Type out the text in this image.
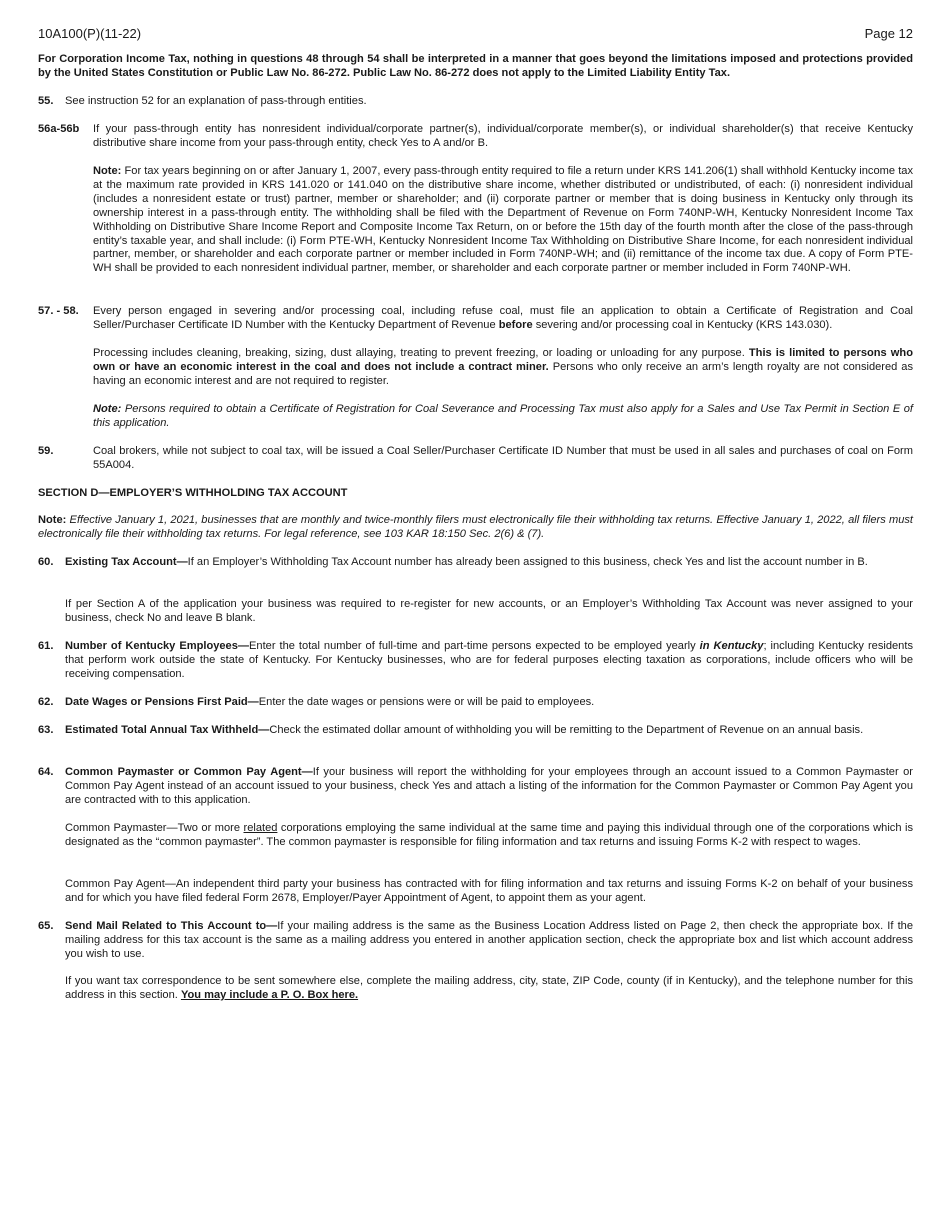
10A100(P)(11-22)	Page 12

For Corporation Income Tax, nothing in questions 48 through 54 shall be interpreted in a manner that goes beyond the limitations imposed and protections provided by the United States Constitution or Public Law No. 86-272. Public Law No. 86-272 does not apply to the Limited Liability Entity Tax.

55. See instruction 52 for an explanation of pass-through entities.
56a-56b If your pass-through entity has nonresident individual/corporate partner(s), individual/corporate member(s), or individual shareholder(s) that receive Kentucky distributive share income from your pass-through entity, check Yes to A and/or B.

Note: For tax years beginning on or after January 1, 2007, every pass-through entity required to file a return under KRS 141.206(1) shall withhold Kentucky income tax at the maximum rate provided in KRS 141.020 or 141.040 on the distributive share income, whether distributed or undistributed, of each: (i) nonresident individual (includes a nonresident estate or trust) partner, member or shareholder; and (ii) corporate partner or member that is doing business in Kentucky only through its ownership interest in a pass-through entity. The withholding shall be filed with the Department of Revenue on Form 740NP-WH, Kentucky Nonresident Income Tax Withholding on Distributive Share Income Report and Composite Income Tax Return, on or before the 15th day of the fourth month after the close of the pass-through entity’s taxable year, and shall include: (i) Form PTE-WH, Kentucky Nonresident Income Tax Withholding on Distributive Share Income, for each nonresident individual partner, member, or shareholder and each corporate partner or member included in Form 740NP-WH; and (ii) remittance of the income tax due. A copy of Form PTE-WH shall be provided to each nonresident individual partner, member, or shareholder and each corporate partner or member included in Form 740NP-WH.

57. - 58. Every person engaged in severing and/or processing coal, including refuse coal, must file an application to obtain a Certificate of Registration and Coal Seller/Purchaser Certificate ID Number with the Kentucky Department of Revenue before severing and/or processing coal in Kentucky (KRS 143.030).

Processing includes cleaning, breaking, sizing, dust allaying, treating to prevent freezing, or loading or unloading for any purpose. This is limited to persons who own or have an economic interest in the coal and does not include a contract miner. Persons who only receive an arm’s length royalty are not considered as having an economic interest and are not required to register.

Note: Persons required to obtain a Certificate of Registration for Coal Severance and Processing Tax must also apply for a Sales and Use Tax Permit in Section E of this application.

59.	Coal brokers, while not subject to coal tax, will be issued a Coal Seller/Purchaser Certificate ID Number that must be used in all sales and purchases of coal on Form 55A004.
SECTION D—EMPLOYER’S WITHHOLDING TAX ACCOUNT

Note: Effective January 1, 2021, businesses that are monthly and twice-monthly filers must electronically file their withholding tax returns. Effective January 1, 2022, all filers must electronically file their withholding tax returns. For legal reference, see 103 KAR 18:150 Sec. 2(6) & (7).

60. Existing Tax Account—If an Employer’s Withholding Tax Account number has already been assigned to this business, check Yes and list the account number in B.

If per Section A of the application your business was required to re-register for new accounts, or an Employer’s Withholding Tax Account was never assigned to your business, check No and leave B blank.

61. Number of Kentucky Employees—Enter the total number of full-time and part-time persons expected to be employed yearly in Kentucky; including Kentucky residents that perform work outside the state of Kentucky. For Kentucky businesses, who are for federal purposes electing taxation as corporations, include officers who will be receiving compensation.
62. Date Wages or Pensions First Paid—Enter the date wages or pensions were or will be paid to employees.
63. Estimated Total Annual Tax Withheld—Check the estimated dollar amount of withholding you will be remitting to the Department of Revenue on an annual basis.
64. Common Paymaster or Common Pay Agent—If your business will report the withholding for your employees through an account issued to a Common Paymaster or Common Pay Agent instead of an account issued to your business, check Yes and attach a listing of the information for the Common Paymaster or Common Pay Agent you are contracted with to this application.

Common Paymaster—Two or more related corporations employing the same individual at the same time and paying this individual through one of the corporations which is designated as the “common paymaster”. The common paymaster is responsible for filing information and tax returns and issuing Forms K-2 with respect to wages.

Common Pay Agent—An independent third party your business has contracted with for filing information and tax returns and issuing Forms K-2 on behalf of your business and for which you have filed federal Form 2678, Employer/Payer Appointment of Agent, to appoint them as your agent.

65. Send Mail Related to This Account to—If your mailing address is the same as the Business Location Address listed on Page 2, then check the appropriate box. If the mailing address for this tax account is the same as a mailing address you entered in another application section, check the appropriate box and list which account address you wish to use.

If you want tax correspondence to be sent somewhere else, complete the mailing address, city, state, ZIP Code, county (if in Kentucky), and the telephone number for this address in this section. You may include a P. O. Box here.
